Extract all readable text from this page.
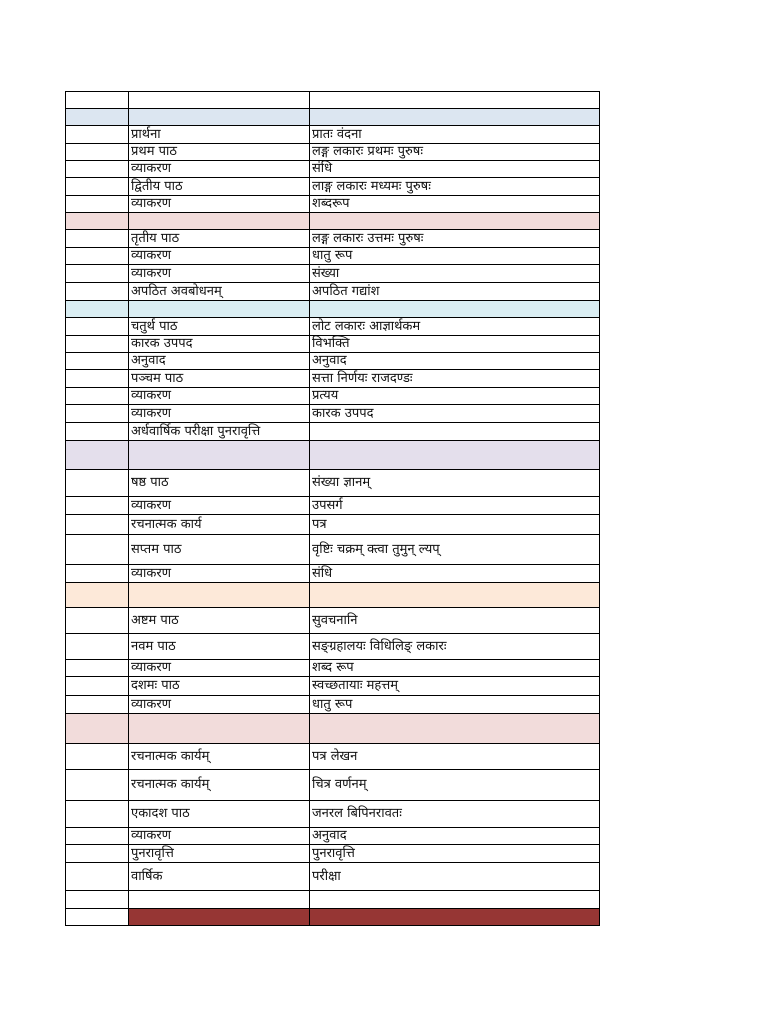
	प्रार्थना	प्रातः वंदना
	प्रथम पाठ	लङ्ग लकारः प्रथमः पुरुषः
	व्याकरण	संधि
	द्वितीय पाठ	लाङ्ग लकारः मध्यमः पुरुषः
	व्याकरण	शब्दरूप

	तृतीय पाठ	लङ्ग लकारः उत्तमः पुरुषः
	व्याकरण	धातु रूप
	व्याकरण	संख्या
	अपठित अवबोधनम्	अपठित गद्यांश

	चतुर्थ पाठ	लोट लकारः आज्ञार्थकम
	कारक उपपद	विभक्ति
	अनुवाद	अनुवाद
	पञ्चम पाठ	सत्ता निर्णयः राजदण्डः
	व्याकरण	प्रत्यय
	व्याकरण	कारक उपपद
	अर्धवार्षिक परीक्षा पुनरावृत्ति	

	षष्ठ पाठ	संख्या ज्ञानम्
	व्याकरण	उपसर्ग
	रचनात्मक कार्य	पत्र
	सप्तम पाठ	वृष्टिः चक्रम् क्त्वा तुमुन् ल्यप्
	व्याकरण	संधि

	अष्टम पाठ	सुवचनानि
	नवम पाठ	सङ्ग्रहालयः विधिलिङ् लकारः
	व्याकरण	शब्द रूप
	दशमः पाठ	स्वच्छतायाः महत्तम्
	व्याकरण	धातु रूप

	रचनात्मक कार्यम्	पत्र लेखन
	रचनात्मक कार्यम्	चित्र वर्णनम्
	एकादश पाठ	जनरल बिपिनरावतः
	व्याकरण	अनुवाद
	पुनरावृत्ति	पुनरावृत्ति
	वार्षिक	परीक्षा
